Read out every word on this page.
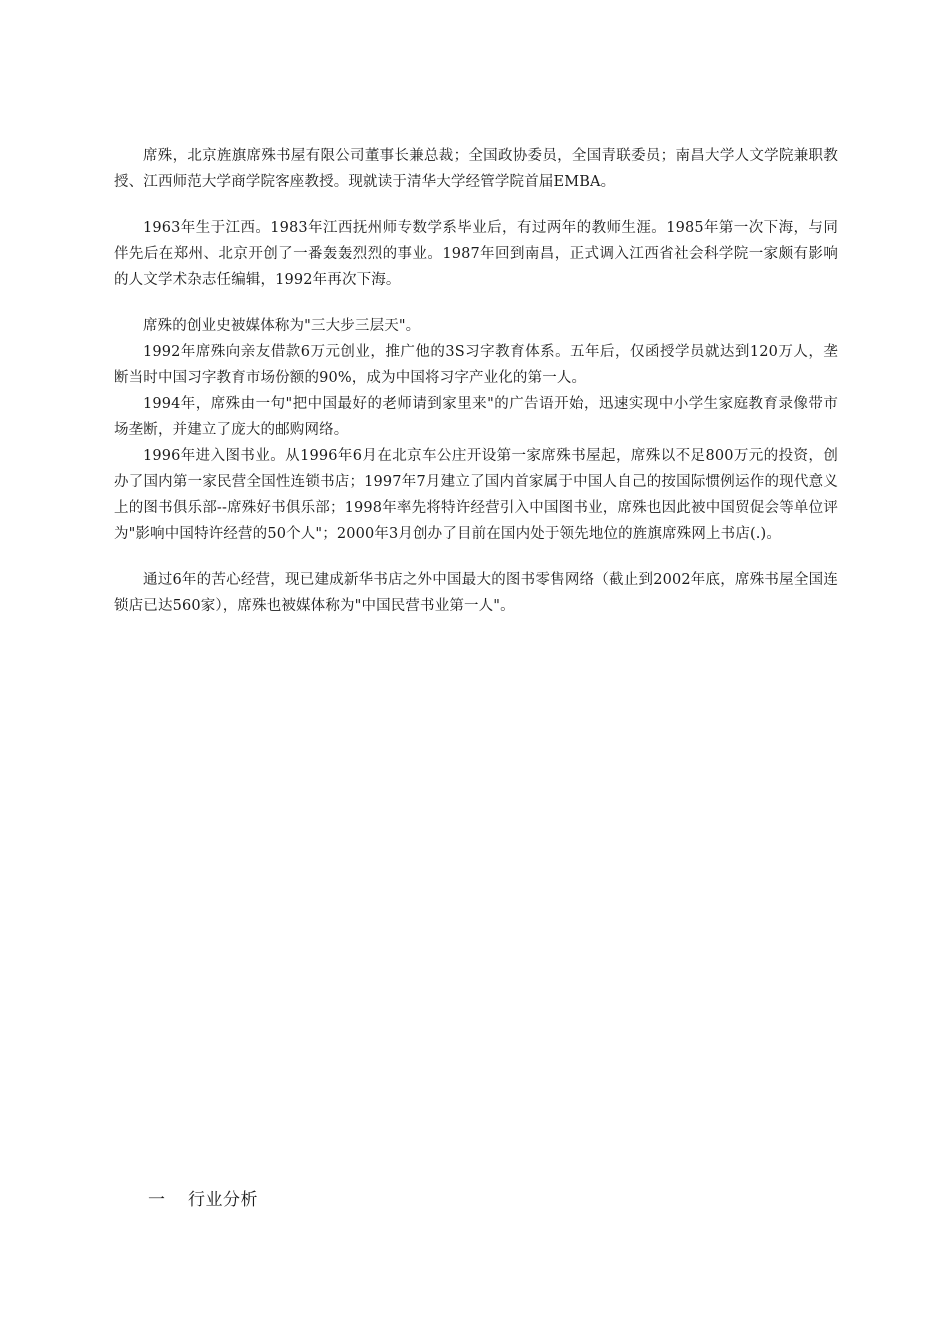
席殊，北京旌旗席殊书屋有限公司董事长兼总裁；全国政协委员，全国青联委员；南昌大学人文学院兼职教授、江西师范大学商学院客座教授。现就读于清华大学经管学院首届EMBA。

1963年生于江西。1983年江西抚州师专数学系毕业后，有过两年的教师生涯。1985年第一次下海，与同伴先后在郑州、北京开创了一番轰轰烈烈的事业。1987年回到南昌，正式调入江西省社会科学院一家颇有影响的人文学术杂志任编辑，1992年再次下海。

席殊的创业史被媒体称为"三大步三层天"。

1992年席殊向亲友借款6万元创业，推广他的3S习字教育体系。五年后，仅函授学员就达到120万人，垄断当时中国习字教育市场份额的90%，成为中国将习字产业化的第一人。

1994年，席殊由一句"把中国最好的老师请到家里来"的广告语开始，迅速实现中小学生家庭教育录像带市场垄断，并建立了庞大的邮购网络。

1996年进入图书业。从1996年6月在北京车公庄开设第一家席殊书屋起，席殊以不足800万元的投资，创办了国内第一家民营全国性连锁书店；1997年7月建立了国内首家属于中国人自己的按国际惯例运作的现代意义上的图书俱乐部--席殊好书俱乐部；1998年率先将特许经营引入中国图书业，席殊也因此被中国贸促会等单位评为"影响中国特许经营的50个人"；2000年3月创办了目前在国内处于领先地位的旌旗席殊网上书店(.)。

通过6年的苦心经营，现已建成新华书店之外中国最大的图书零售网络（截止到2002年底，席殊书屋全国连锁店已达560家），席殊也被媒体称为"中国民营书业第一人"。

一 行业分析
